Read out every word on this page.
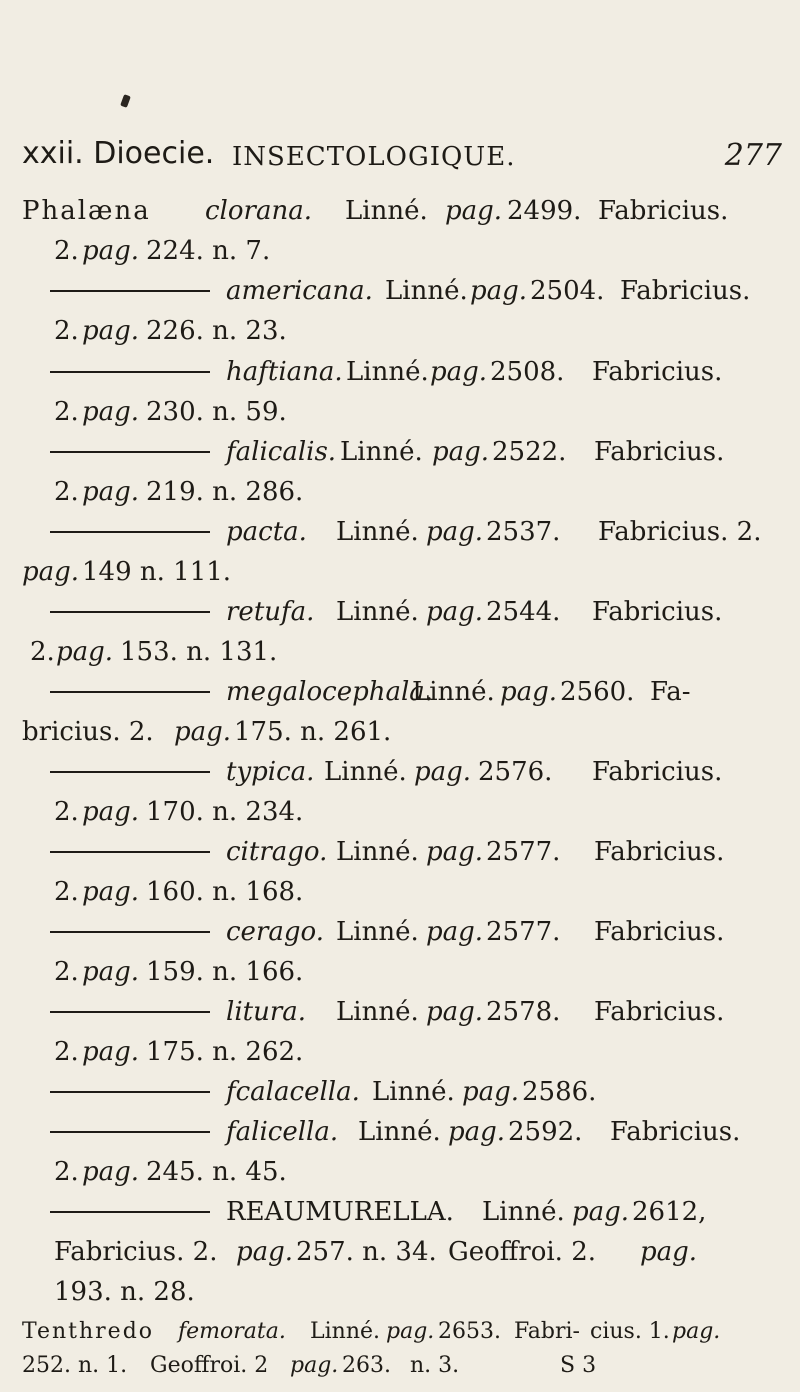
xxii. Dioecie. INSECTOLOGIQUE.	277
Phalæna clorana. Linné. pag. 2499. Fabricius.
2. pag. 224. n. 7.
americana. Linné. pag. 2504. Fabricius.
2. pag. 226. n. 23.
haftiana. Linné. pag. 2508. Fabricius.
2. pag. 230. n. 59.
falicalis. Linné. pag. 2522. Fabricius.
2. pag. 219. n. 286.
pacta. Linné. pag. 2537. Fabricius. 2.
pag. 149 n. 111.
retufa. Linné. pag. 2544. Fabricius.
2. pag. 153. n. 131.
megalocephala.
Linné. pag. 2560. Fa-
bricius. 2. pag. 175. n. 261.
typica. Linné. pag. 2576. Fabricius.
2. pag. 170. n. 234.
citrago. Linné. pag. 2577. Fabricius.
2. pag. 160. n. 168.
cerago. Linné. pag. 2577. Fabricius.
2. pag. 159. n. 166.
litura. Linné. pag. 2578. Fabricius.
2. pag. 175. n. 262.
fcalacella. Linné. pag. 2586.
falicella. Linné. pag. 2592. Fabricius.
2. pag. 245. n. 45.
REAUMURELLA. Linné. pag. 2612,
Fabricius. 2. pag. 257. n. 34. Geoffroi. 2. pag.
193. n. 28.
Tenthredo femorata. Linné. pag. 2653. Fabri- cius. 1. pag.
252. n. 1. Geoffroi. 2 pag. 263. n. 3.	S 3
